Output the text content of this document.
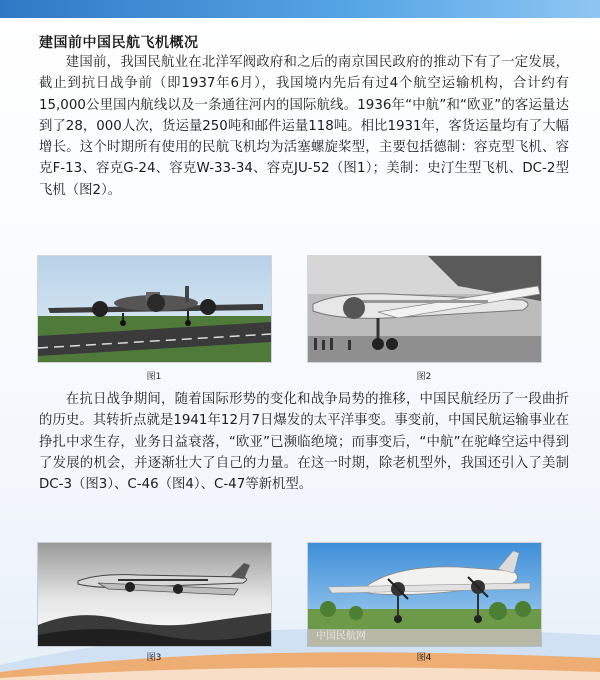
建国前中国民航飞机概况

建国前，我国民航业在北洋军阀政府和之后的南京国民政府的推动下有了一定发展，截止到抗日战争前（即1937年6月），我国境内先后有过4个航空运输机构，合计约有15,000公里国内航线以及一条通往河内的国际航线。1936年“中航”和“欧亚”的客运量达到了28，000人次，货运量250吨和邮件运量118吨。相比1931年，客货运量均有了大幅增长。这个时期所有使用的民航飞机均为活塞螺旋桨型，主要包括德制：容克型飞机、容克F-13、容克G-24、容克W-33-34、容克JU-52（图1）；美制：史汀生型飞机、DC-2型飞机（图2）。

图1	图2

在抗日战争期间，随着国际形势的变化和战争局势的推移，中国民航经历了一段曲折的历史。其转折点就是1941年12月7日爆发的太平洋事变。事变前，中国民航运输事业在挣扎中求生存，业务日益衰落，“欧亚”已濒临绝境；而事变后，“中航”在驼峰空运中得到了发展的机会，并逐渐壮大了自己的力量。在这一时期，除老机型外，我国还引入了美制DC-3（图3）、C-46（图4）、C-47等新机型。

图3
中国民航网
图4
